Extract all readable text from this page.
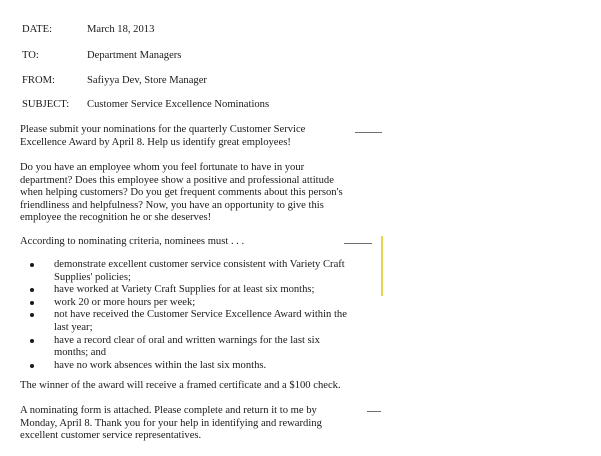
DATE:	March 18, 2013
TO:	Department Managers
FROM:	Safiyya Dev, Store Manager
SUBJECT: Customer Service Excellence Nominations
Please submit your nominations for the quarterly Customer Service
Excellence Award by April 8. Help us identify great employees!
Do you have an employee whom you feel fortunate to have in your
department? Does this employee show a positive and professional attitude
when helping customers? Do you get frequent comments about this person's
friendliness and helpfulness? Now, you have an opportunity to give this
employee the recognition he or she deserves!
According to nominating criteria, nominees must . . .
demonstrate excellent customer service consistent with Variety Craft
Supplies' policies;
have worked at Variety Craft Supplies for at least six months;
work 20 or more hours per week;
not have received the Customer Service Excellence Award within the
last year;
have a record clear of oral and written warnings for the last six
months; and
have no work absences within the last six months.
The winner of the award will receive a framed certificate and a $100 check.
A nominating form is attached. Please complete and return it to me by
Monday, April 8. Thank you for your help in identifying and rewarding
excellent customer service representatives.
